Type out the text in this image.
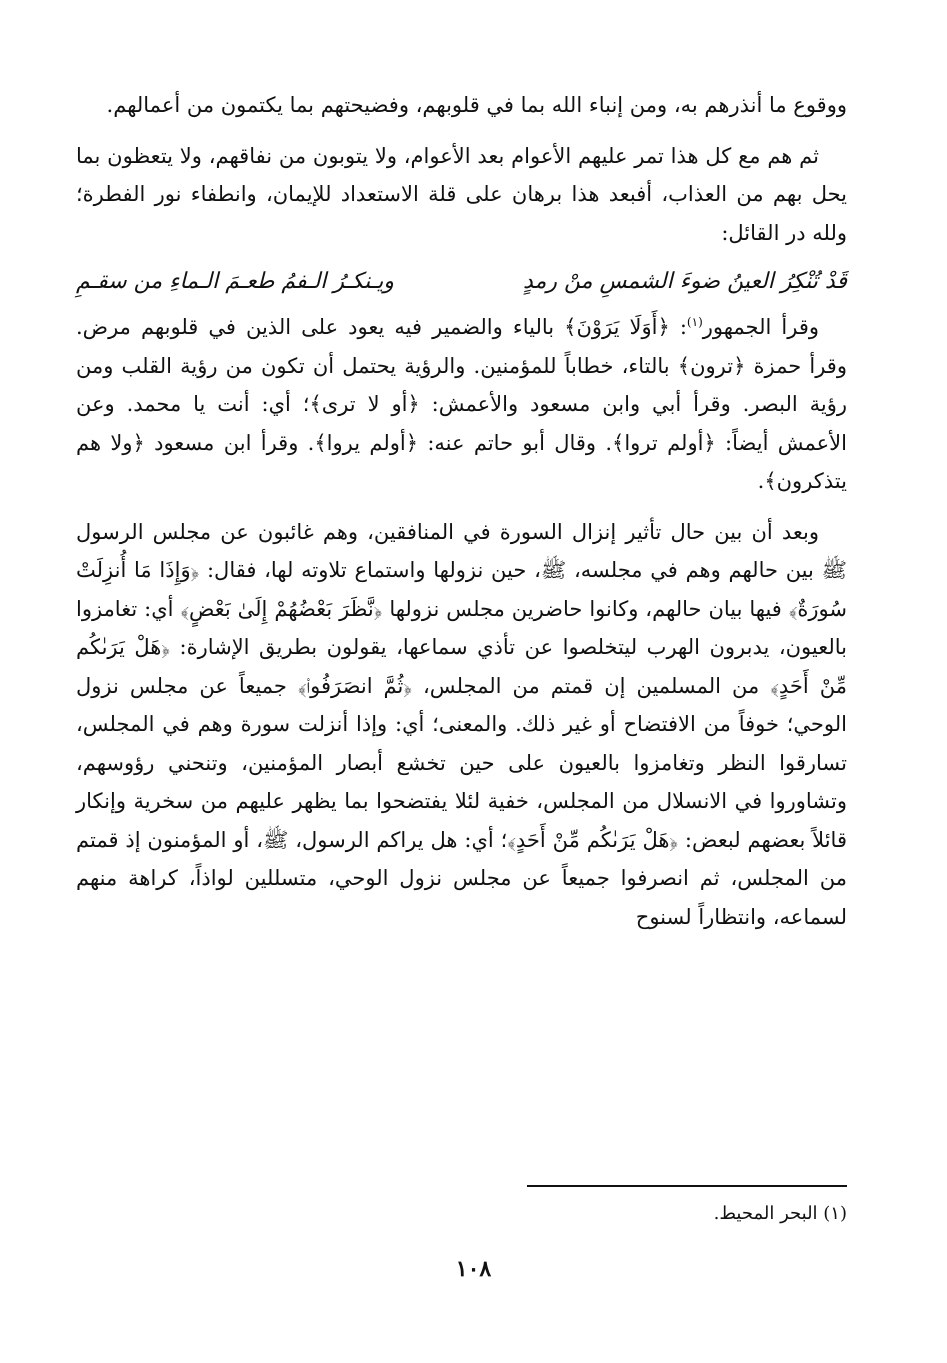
ووقوع ما أنذرهم به، ومن إنباء الله بما في قلوبهم، وفضيحتهم بما يكتمون من أعمالهم.

ثم هم مع كل هذا تمر عليهم الأعوام بعد الأعوام، ولا يتوبون من نفاقهم، ولا يتعظون بما يحل بهم من العذاب، أفبعد هذا برهان على قلة الاستعداد للإيمان، وانطفاء نور الفطرة؛ ولله در القائل:

قَدْ تُنْكِرُ العينُ ضوءَ الشمسِ منْ رمدٍ
ويـنكـرُ الـفمُ طعـمَ الـماءِ من سقـمِ

وقرأ الجمهور$^{(١)}$: ﴿أَوَلَا يَرَوْنَ﴾ بالياء والضمير فيه يعود على الذين في قلوبهم مرض. وقرأ حمزة ﴿ترون﴾ بالتاء، خطاباً للمؤمنين. والرؤية يحتمل أن تكون من رؤية القلب ومن رؤية البصر. وقرأ أبي وابن مسعود والأعمش: ﴿أو لا ترى﴾؛ أي: أنت يا محمد. وعن الأعمش أيضاً: ﴿أولم تروا﴾. وقال أبو حاتم عنه: ﴿أولم يروا﴾. وقرأ ابن مسعود ﴿ولا هم يتذكرون﴾.

وبعد أن بين حال تأثير إنزال السورة في المنافقين، وهم غائبون عن مجلس الرسول ﷺ بين حالهم وهم في مجلسه، ﷺ، حين نزولها واستماع تلاوته لها، فقال: ﴿وَإِذَا مَا أُنزِلَتْ سُورَةٌ﴾ فيها بيان حالهم، وكانوا حاضرين مجلس نزولها ﴿نَّظَرَ بَعْضُهُمْ إِلَىٰ بَعْضٍ﴾ أي: تغامزوا بالعيون، يدبرون الهرب ليتخلصوا عن تأذي سماعها، يقولون بطريق الإشارة: ﴿هَلْ يَرَىٰكُم مِّنْ أَحَدٍ﴾ من المسلمين إن قمتم من المجلس، ﴿ثُمَّ انصَرَفُوا۟﴾ جميعاً عن مجلس نزول الوحي؛ خوفاً من الافتضاح أو غير ذلك. والمعنى؛ أي: وإذا أنزلت سورة وهم في المجلس، تسارقوا النظر وتغامزوا بالعيون على حين تخشع أبصار المؤمنين، وتنحني رؤوسهم، وتشاوروا في الانسلال من المجلس، خفية لئلا يفتضحوا بما يظهر عليهم من سخرية وإنكار قائلاً بعضهم لبعض: ﴿هَلْ يَرَىٰكُم مِّنْ أَحَدٍ﴾؛ أي: هل يراكم الرسول، ﷺ، أو المؤمنون إذ قمتم من المجلس، ثم انصرفوا جميعاً عن مجلس نزول الوحي، متسللين لواذاً، كراهة منهم لسماعه، وانتظاراً لسنوح

(١) البحر المحيط.
١٠٨
